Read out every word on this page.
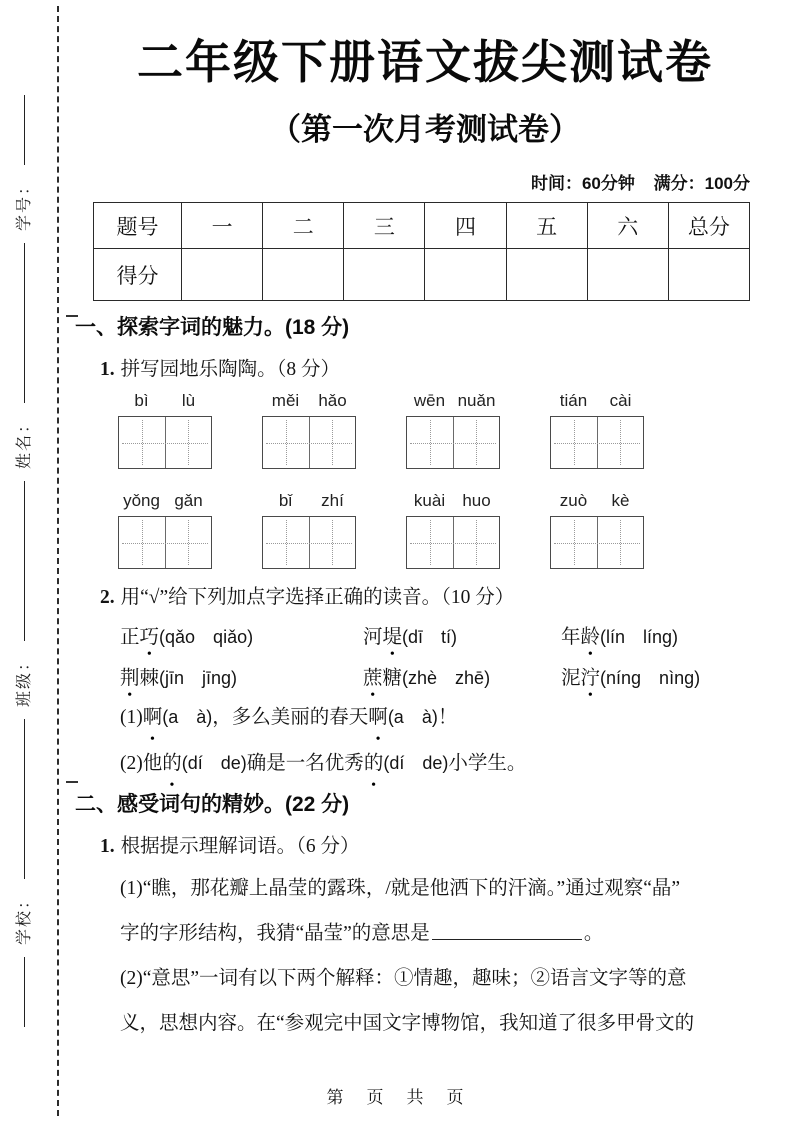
学校：
班级：
姓名：
学号：
二年级下册语文拔尖测试卷
（第一次月考测试卷）
时间：60分钟 满分：100分
题号	一	二	三	四	五	六	总分
得分							
一、探索字词的魅力。(18 分)
1. 拼写园地乐陶陶。（8 分）
bì	lù	měi	hǎo	wēn nuǎn	tián	cài
yǒng gǎn	bǐ	zhí	kuài	huo	zuò	kè
2. 用“√”给下列加点字选择正确的读音。（10 分）
正巧(qǎo　qiǎo)	河堤(dī　tí)	年龄(lín　líng)
荆棘(jīn　jīng)	蔗糖(zhè　zhē)	泥泞(níng　nìng)
(1)啊(a　à)，多么美丽的春天啊(a　à)！
(2)他的(dí　de)确是一名优秀的(dí　de)小学生。
二、感受词句的精妙。(22 分)
1. 根据提示理解词语。（6 分）
(1)“瞧，那花瓣上晶莹的露珠，/就是他洒下的汗滴。”通过观察“晶”
字的字形结构，我猜“晶莹”的意思是	。
(2)“意思”一词有以下两个解释：①情趣，趣味；②语言文字等的意
义，思想内容。在“参观完中国文字博物馆，我知道了很多甲骨文的
第　页　共　页
